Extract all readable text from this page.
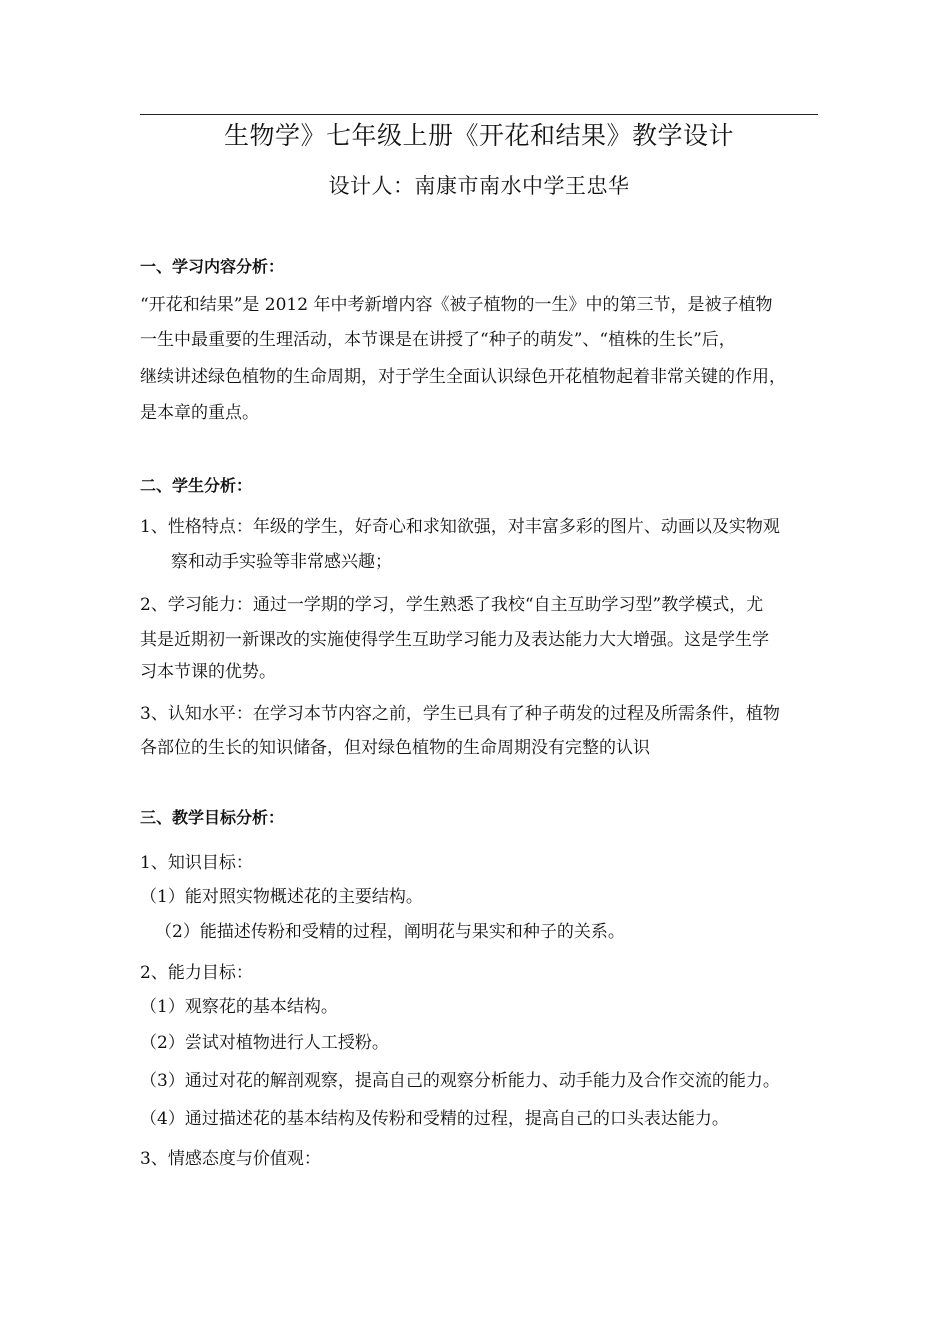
生物学》七年级上册《开花和结果》教学设计
设计人：南康市南水中学王忠华
一、学习内容分析：
“开花和结果”是 2012 年中考新增内容《被子植物的一生》中的第三节，是被子植物
一生中最重要的生理活动，本节课是在讲授了“种子的萌发”、“植株的生长”后，
继续讲述绿色植物的生命周期，对于学生全面认识绿色开花植物起着非常关键的作用，
是本章的重点。
二、学生分析：
1、性格特点：年级的学生，好奇心和求知欲强，对丰富多彩的图片、动画以及实物观
察和动手实验等非常感兴趣；
2、学习能力：通过一学期的学习，学生熟悉了我校“自主互助学习型”教学模式，尤
其是近期初一新课改的实施使得学生互助学习能力及表达能力大大增强。这是学生学
习本节课的优势。
3、认知水平：在学习本节内容之前，学生已具有了种子萌发的过程及所需条件，植物
各部位的生长的知识储备，但对绿色植物的生命周期没有完整的认识
三、教学目标分析：
1、知识目标：
（1）能对照实物概述花的主要结构。
（2）能描述传粉和受精的过程，阐明花与果实和种子的关系。
2、能力目标：
（1）观察花的基本结构。
（2）尝试对植物进行人工授粉。
（3）通过对花的解剖观察，提高自己的观察分析能力、动手能力及合作交流的能力。
（4）通过描述花的基本结构及传粉和受精的过程，提高自己的口头表达能力。
3、情感态度与价值观：
